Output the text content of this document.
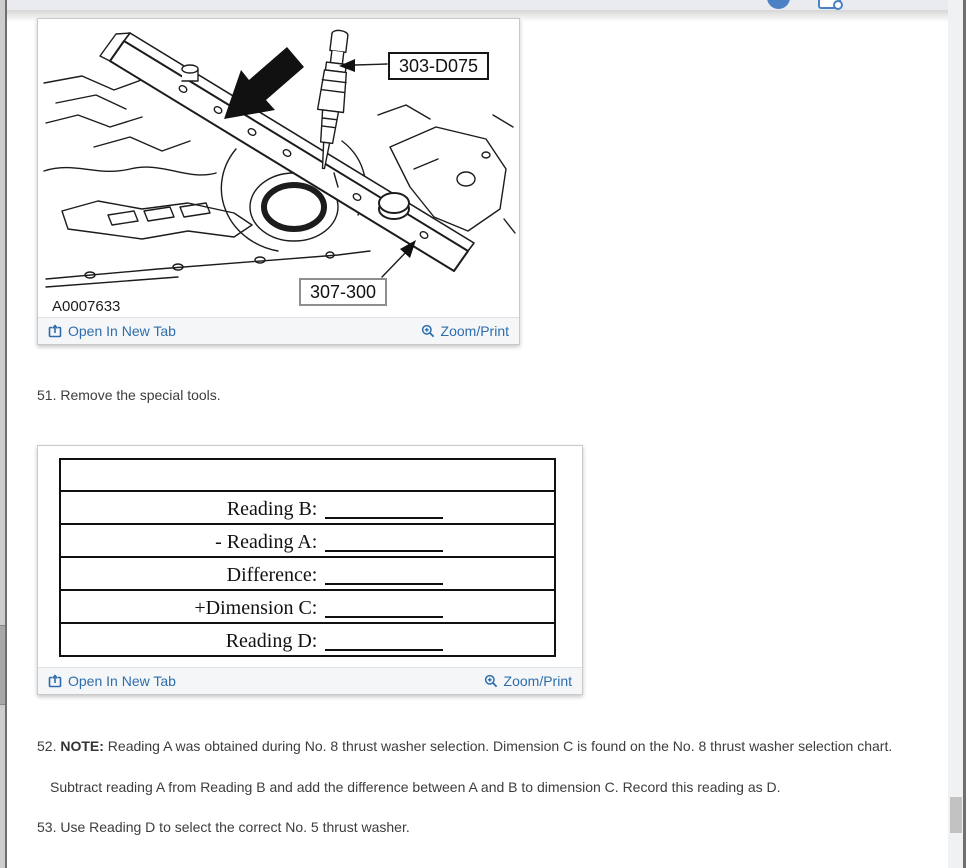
303-D075
307-300
A0007633
Open In New Tab	Zoom/Print
51. Remove the special tools.
Reading B:
- Reading A:
Difference:
+Dimension C:
Reading D:
Open In New Tab	Zoom/Print
52. NOTE: Reading A was obtained during No. 8 thrust washer selection. Dimension C is found on the No. 8 thrust washer selection chart.
Subtract reading A from Reading B and add the difference between A and B to dimension C. Record this reading as D.
53. Use Reading D to select the correct No. 5 thrust washer.
